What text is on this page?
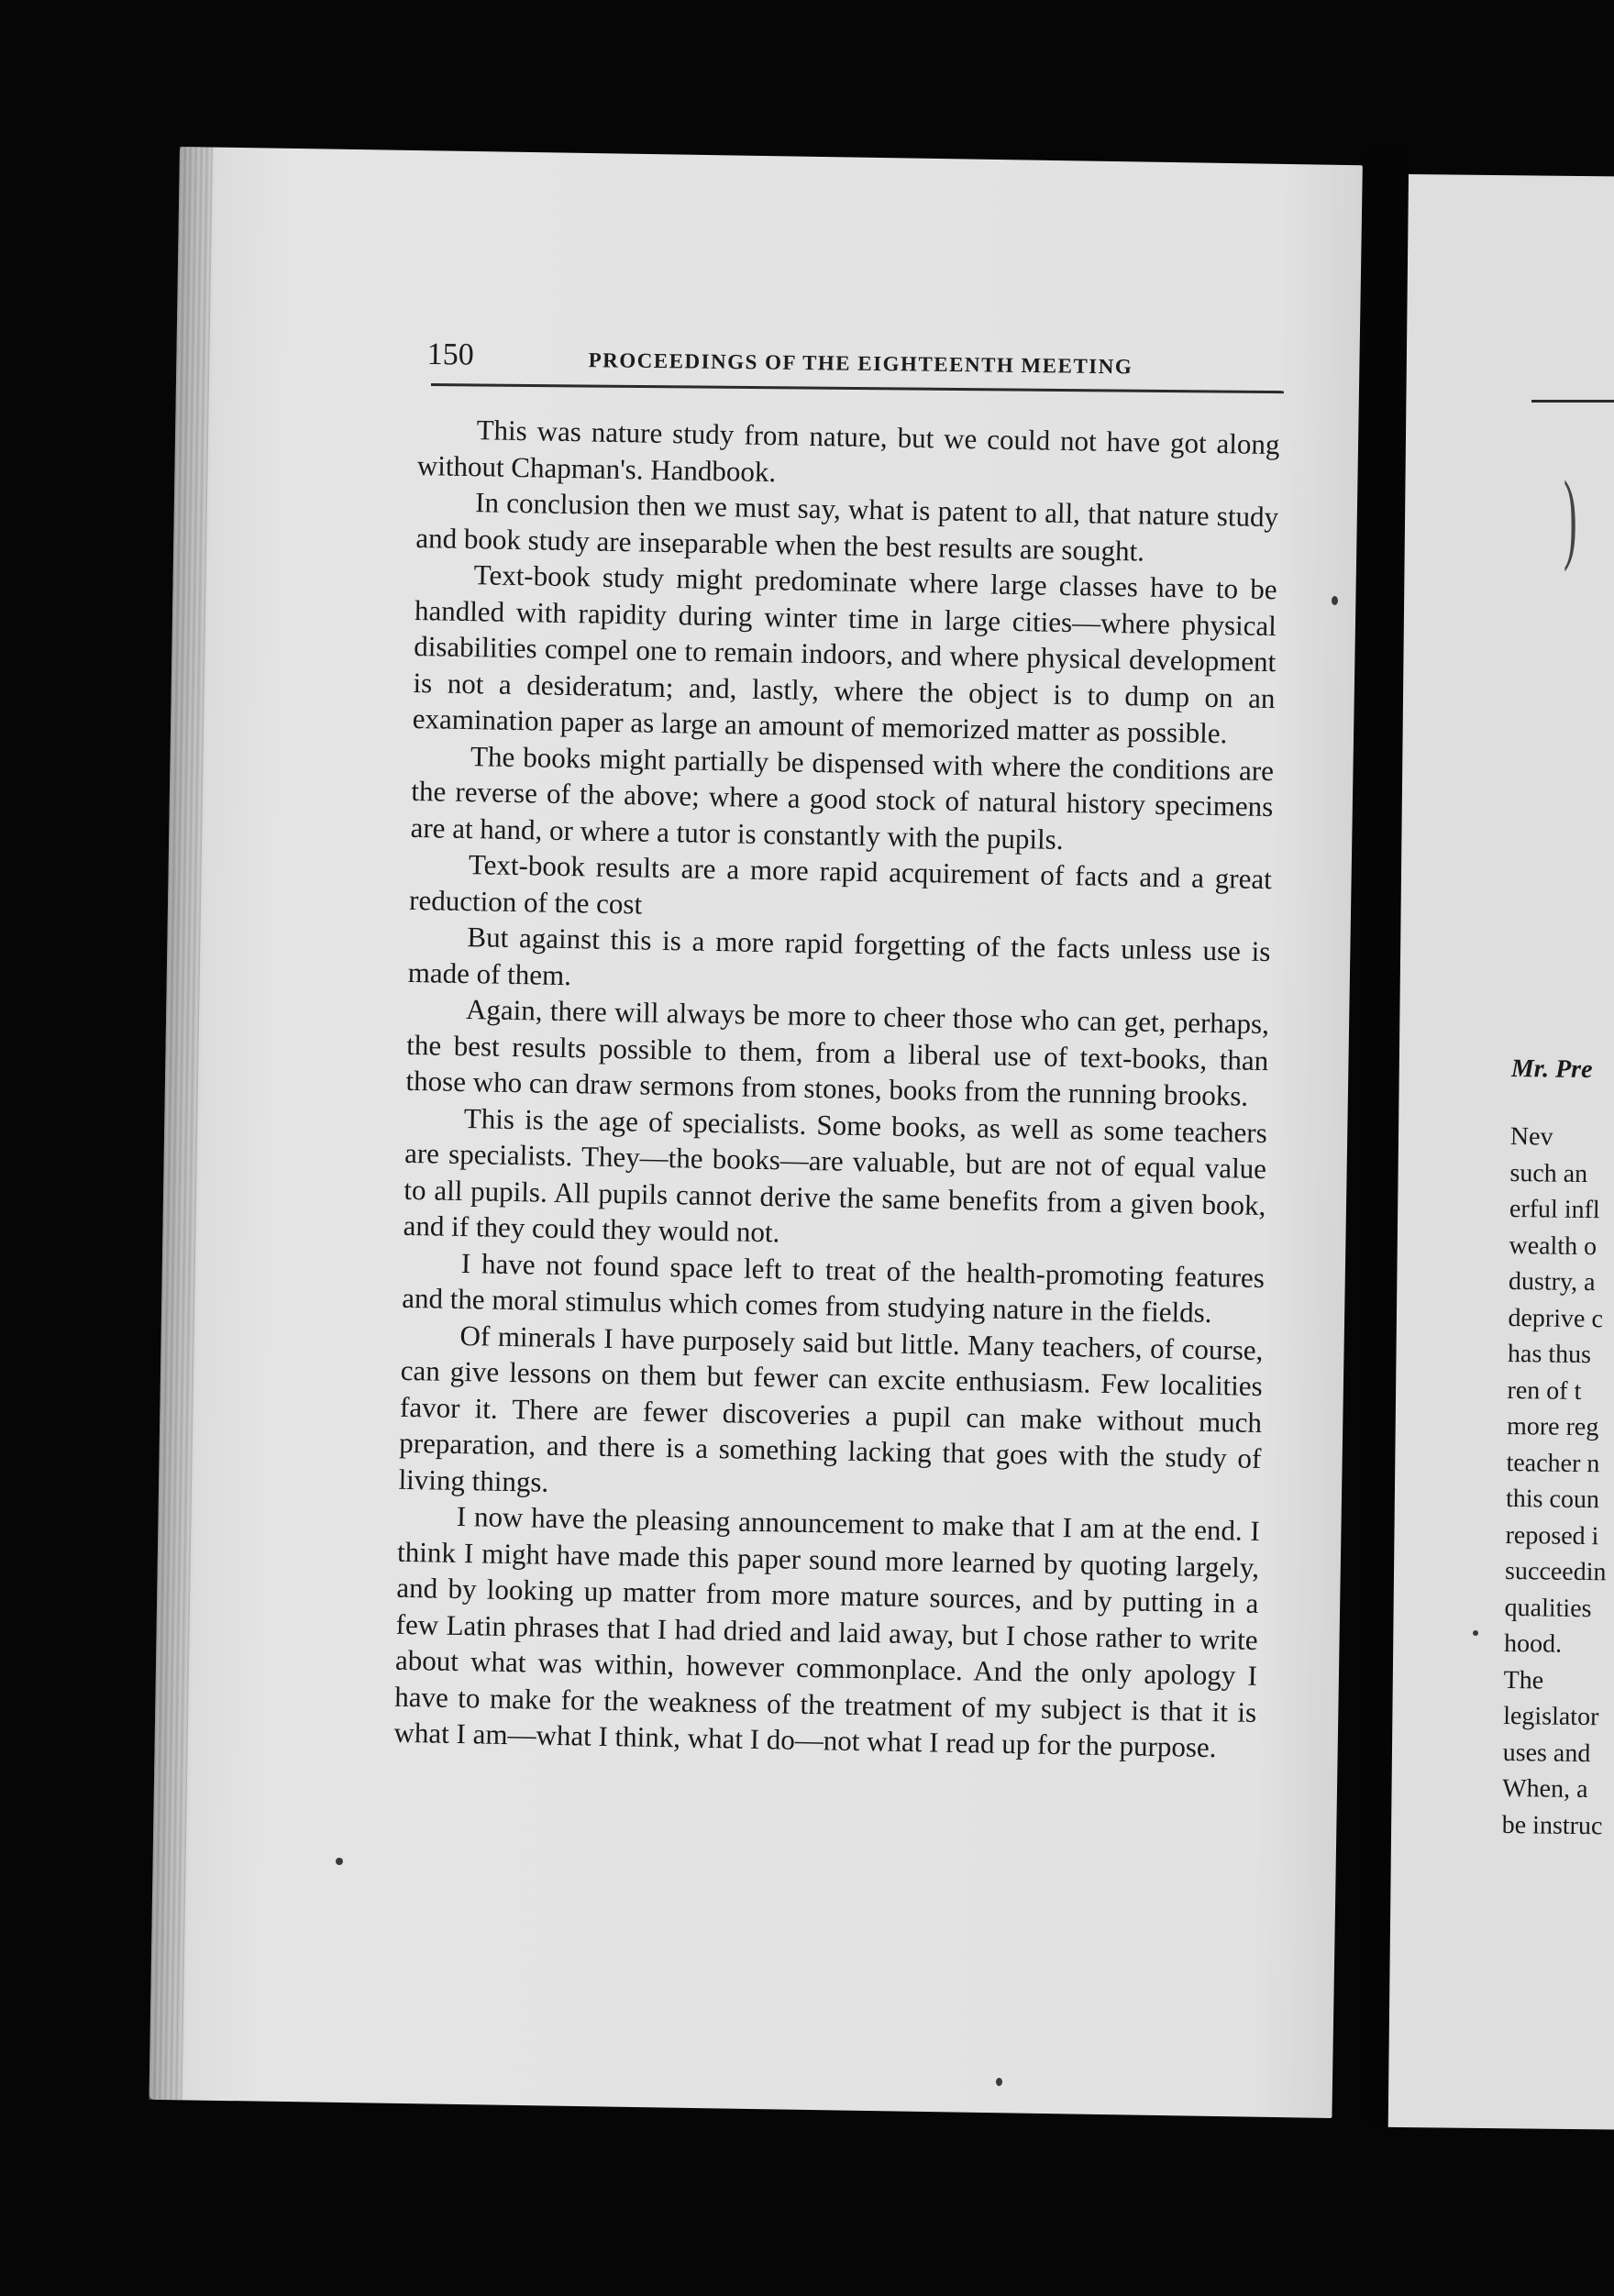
150	PROCEEDINGS OF THE EIGHTEENTH MEETING

This was nature study from nature, but we could not have got along without Chapman's. Handbook.

In conclusion then we must say, what is patent to all, that nature study and book study are inseparable when the best results are sought.

Text-book study might predominate where large classes have to be handled with rapidity during winter time in large cities—where physical disabilities compel one to remain indoors, and where physical development is not a desideratum; and, lastly, where the object is to dump on an examination paper as large an amount of memorized matter as possible.

The books might partially be dispensed with where the conditions are the reverse of the above; where a good stock of natural history specimens are at hand, or where a tutor is constantly with the pupils.

Text-book results are a more rapid acquirement of facts and a great reduction of the cost

But against this is a more rapid forgetting of the facts unless use is made of them.

Again, there will always be more to cheer those who can get, perhaps, the best results possible to them, from a liberal use of text-books, than those who can draw sermons from stones, books from the running brooks.

This is the age of specialists. Some books, as well as some teachers are specialists. They—the books—are valuable, but are not of equal value to all pupils. All pupils cannot derive the same benefits from a given book, and if they could they would not.

I have not found space left to treat of the health-promoting features and the moral stimulus which comes from studying nature in the fields.

Of minerals I have purposely said but little. Many teachers, of course, can give lessons on them but fewer can excite enthusiasm. Few localities favor it. There are fewer discoveries a pupil can make without much preparation, and there is a something lacking that goes with the study of living things.

I now have the pleasing announcement to make that I am at the end. I think I might have made this paper sound more learned by quoting largely, and by looking up matter from more mature sources, and by putting in a few Latin phrases that I had dried and laid away, but I chose rather to write about what was within, however commonplace. And the only apology I have to make for the weakness of the treatment of my subject is that it is what I am—what I think, what I do—not what I read up for the purpose.

)

Mr. Pre

Nev
such an
erful infl
wealth o
dustry, a
deprive c
has thus
ren of t
more reg
teacher n
this coun
reposed i
succeedin
qualities
hood.
The
legislator
uses and
When, a
be instruc
